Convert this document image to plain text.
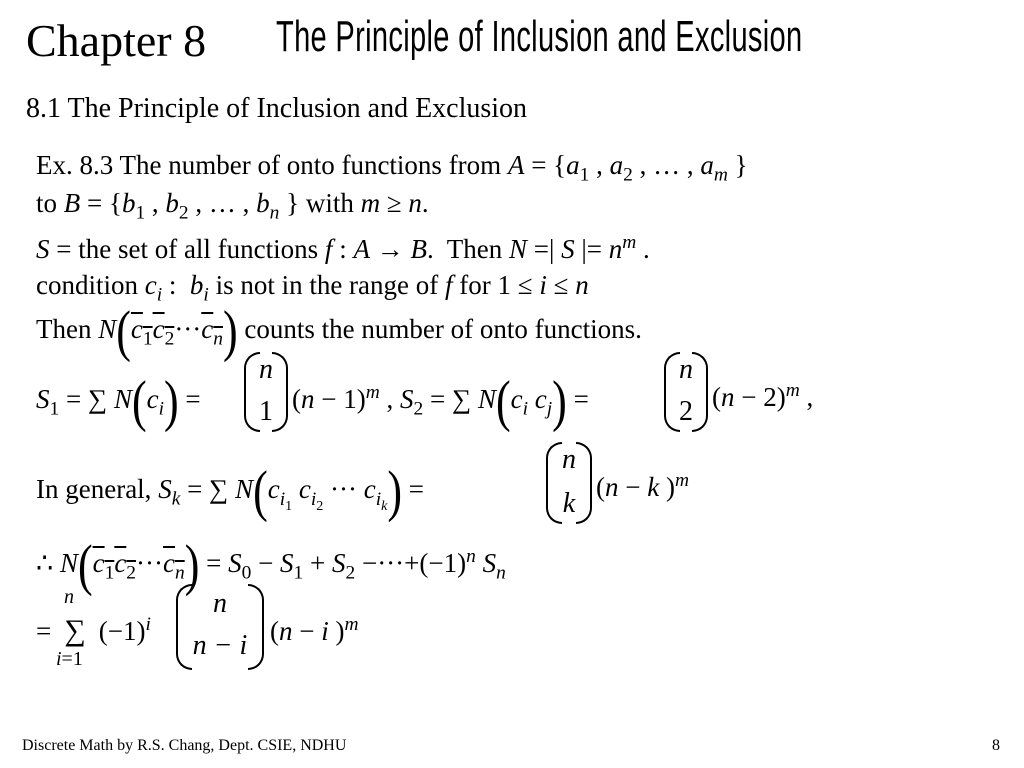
Chapter 8 The Principle of Inclusion and Exclusion
8.1 The Principle of Inclusion and Exclusion
Ex. 8.3 The number of onto functions from $A = \{a_1$ , $a_2$ , … , $a_m$ }
to $B = \{b_1$ , $b_2$ , … , $b_n$ } with m ≥ n.
S = the set of all functions f : A → B.  Then N =| S |= $n^m$ .
condition $c_i$ :  $b_i$ is not in the range of f for 1 ≤ i ≤ n
Then $N(c_1c_2\cdot\cdot\cdot c_n)$ counts the number of onto functions.
$S_1$ = ∑ $N(c_i)$ =
n
1 $(n - 1)^m$ , $S_2$ = ∑ $N(c_i$ $c_j$) =
n
2 $(n - 2)^m$ ,
In general, $S_k$ = ∑ $N(c_{i_1}$ $c_{i_2}$ ··· $c_{i_k}$) =
n
k
(n − k )$^m$
∴ $N(c_1c_2\cdot\cdot\cdot c_n) = S_0 - S_1 + S_2 -\cdot\cdot\cdot+(-1)^n$ $S_n$
=
n
∑
i=1
$(-1)^i$
n
n − i (n − i )$^m$
Discrete Math by R.S. Chang, Dept. CSIE, NDHU	8
